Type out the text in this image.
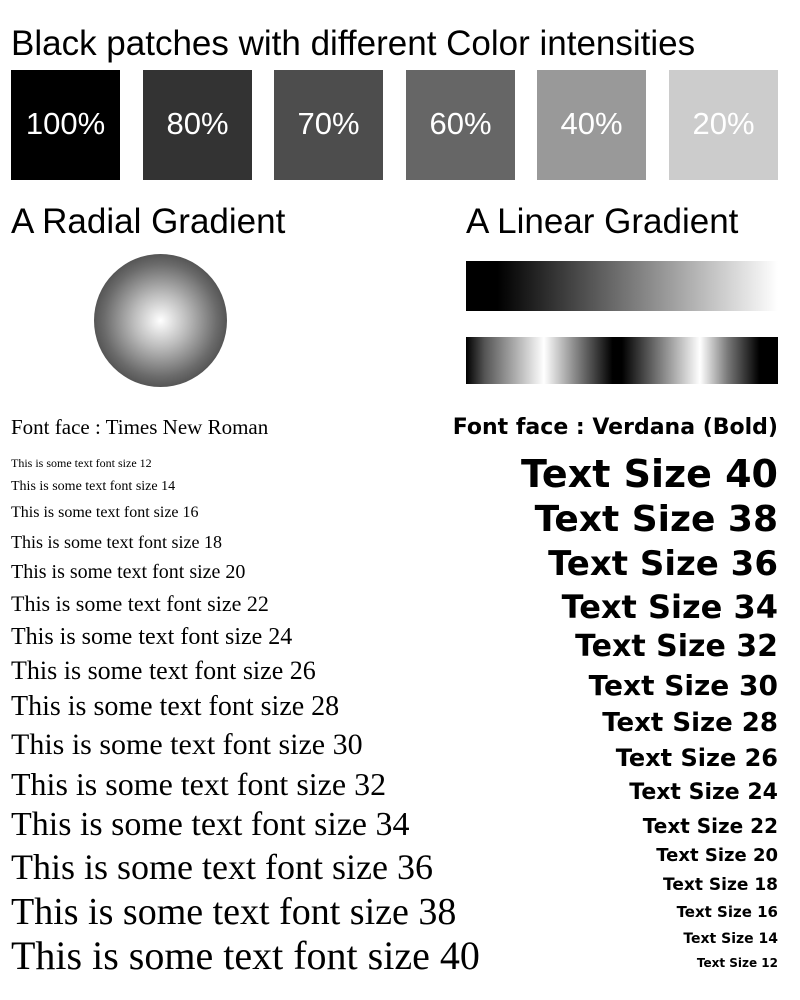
Black patches with different Color intensities
100% 80% 70% 60% 40% 20%
A Radial Gradient	A Linear Gradient
Font face : Times New Roman
This is some text font size 12
This is some text font size 14
This is some text font size 16
This is some text font size 18
This is some text font size 20
This is some text font size 22
This is some text font size 24
This is some text font size 26
This is some text font size 28
This is some text font size 30
This is some text font size 32
This is some text font size 34
This is some text font size 36
This is some text font size 38
This is some text font size 40
Font face : Verdana (Bold)
Text Size 40
Text Size 38
Text Size 36
Text Size 34
Text Size 32
Text Size 30
Text Size 28
Text Size 26
Text Size 24
Text Size 22
Text Size 20
Text Size 18
Text Size 16
Text Size 14
Text Size 12
